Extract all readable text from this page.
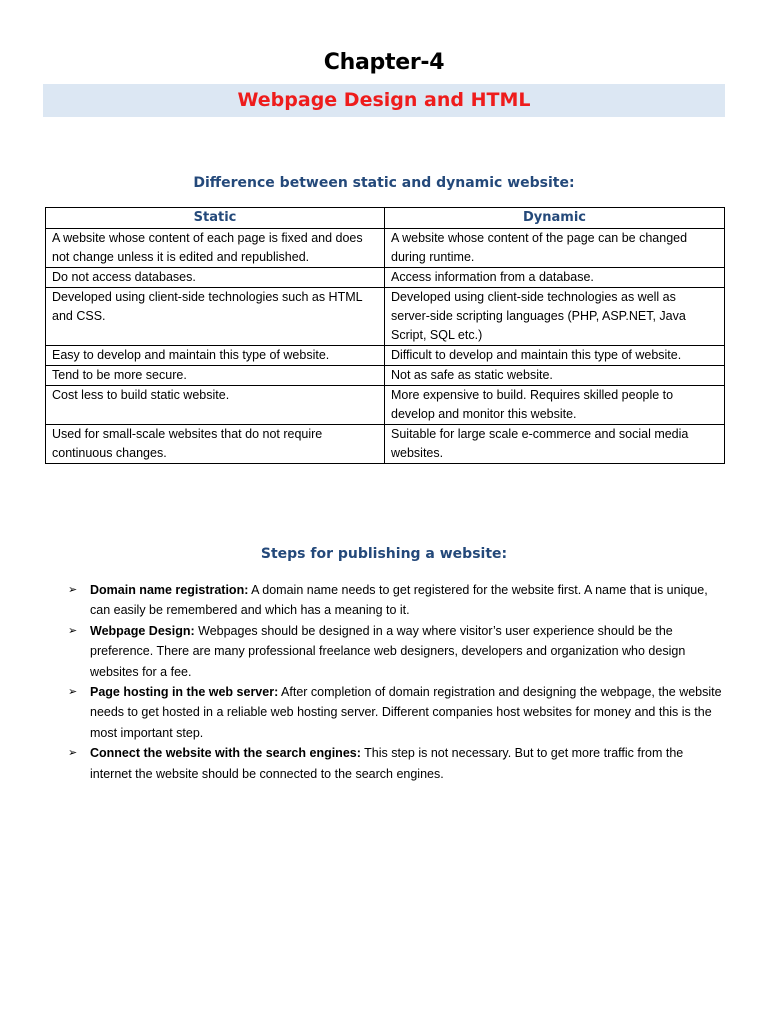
Chapter-4
Webpage Design and HTML
Difference between static and dynamic website:
Static	Dynamic
A website whose content of each page is fixed and does not change unless it is edited and republished.	A website whose content of the page can be changed during runtime.
Do not access databases.	Access information from a database.
Developed using client-side technologies such as HTML and CSS.	Developed using client-side technologies as well as server-side scripting languages (PHP, ASP.NET, Java Script, SQL etc.)
Easy to develop and maintain this type of website.	Difficult to develop and maintain this type of website.
Tend to be more secure.	Not as safe as static website.
Cost less to build static website.	More expensive to build. Requires skilled people to develop and monitor this website.
Used for small-scale websites that do not require continuous changes.	Suitable for large scale e-commerce and social media websites.
Steps for publishing a website:
➢ Domain name registration: A domain name needs to get registered for the website first. A name that is unique, can easily be remembered and which has a meaning to it.
➢ Webpage Design: Webpages should be designed in a way where visitor’s user experience should be the preference. There are many professional freelance web designers, developers and organization who design websites for a fee.
➢ Page hosting in the web server: After completion of domain registration and designing the webpage, the website needs to get hosted in a reliable web hosting server. Different companies host websites for money and this is the most important step.
➢ Connect the website with the search engines: This step is not necessary. But to get more traffic from the internet the website should be connected to the search engines.
